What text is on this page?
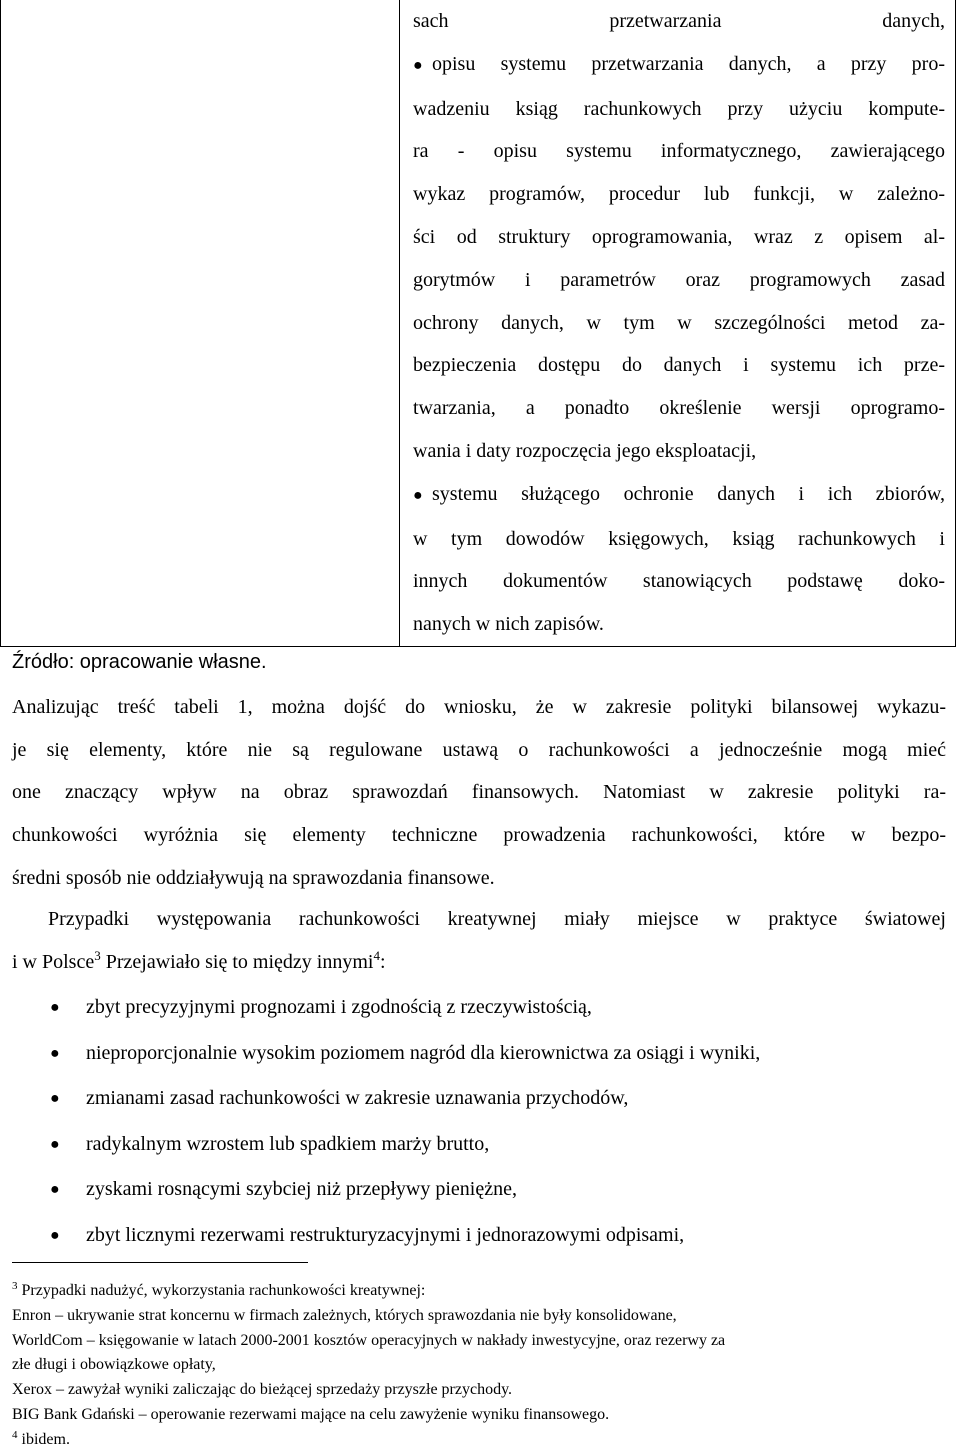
sach przetwarzania danych,
● opisu systemu przetwarzania danych, a przy pro-
wadzeniu ksiąg rachunkowych przy użyciu kompute-
ra - opisu systemu informatycznego, zawierającego
wykaz programów, procedur lub funkcji, w zależno-
ści od struktury oprogramowania, wraz z opisem al-
gorytmów i parametrów oraz programowych zasad
ochrony danych, w tym w szczególności metod za-
bezpieczenia dostępu do danych i systemu ich prze-
twarzania, a ponadto określenie wersji oprogramo-
wania i daty rozpoczęcia jego eksploatacji,
● systemu służącego ochronie danych i ich zbiorów,
w tym dowodów księgowych, ksiąg rachunkowych i
innych dokumentów stanowiących podstawę doko-
nanych w nich zapisów.
Źródło: opracowanie własne.
Analizując treść tabeli 1, można dojść do wniosku, że w zakresie polityki bilansowej wykazu-
je się elementy, które nie są regulowane ustawą o rachunkowości a jednocześnie mogą mieć
one znaczący wpływ na obraz sprawozdań finansowych. Natomiast w zakresie polityki ra-
chunkowości wyróżnia się elementy techniczne prowadzenia rachunkowości, które w bezpo-
średni sposób nie oddziaływują na sprawozdania finansowe.
Przypadki występowania rachunkowości kreatywnej miały miejsce w praktyce światowej
i w Polsce$^3$ Przejawiało się to między innymi$^4$:
● zbyt precyzyjnymi prognozami i zgodnością z rzeczywistością,
● nieproporcjonalnie wysokim poziomem nagród dla kierownictwa za osiągi i wyniki,
● zmianami zasad rachunkowości w zakresie uznawania przychodów,
● radykalnym wzrostem lub spadkiem marży brutto,
● zyskami rosnącymi szybciej niż przepływy pieniężne,
● zbyt licznymi rezerwami restrukturyzacyjnymi i jednorazowymi odpisami,
$^3$ Przypadki nadużyć, wykorzystania rachunkowości kreatywnej:
Enron – ukrywanie strat koncernu w firmach zależnych, których sprawozdania nie były konsolidowane,
WorldCom – księgowanie w latach 2000-2001 kosztów operacyjnych w nakłady inwestycyjne, oraz rezerwy za
złe długi i obowiązkowe opłaty,
Xerox – zawyżał wyniki zaliczając do bieżącej sprzedaży przyszłe przychody.
BIG Bank Gdański – operowanie rezerwami mające na celu zawyżenie wyniku finansowego.
$^4$ ibidem.
